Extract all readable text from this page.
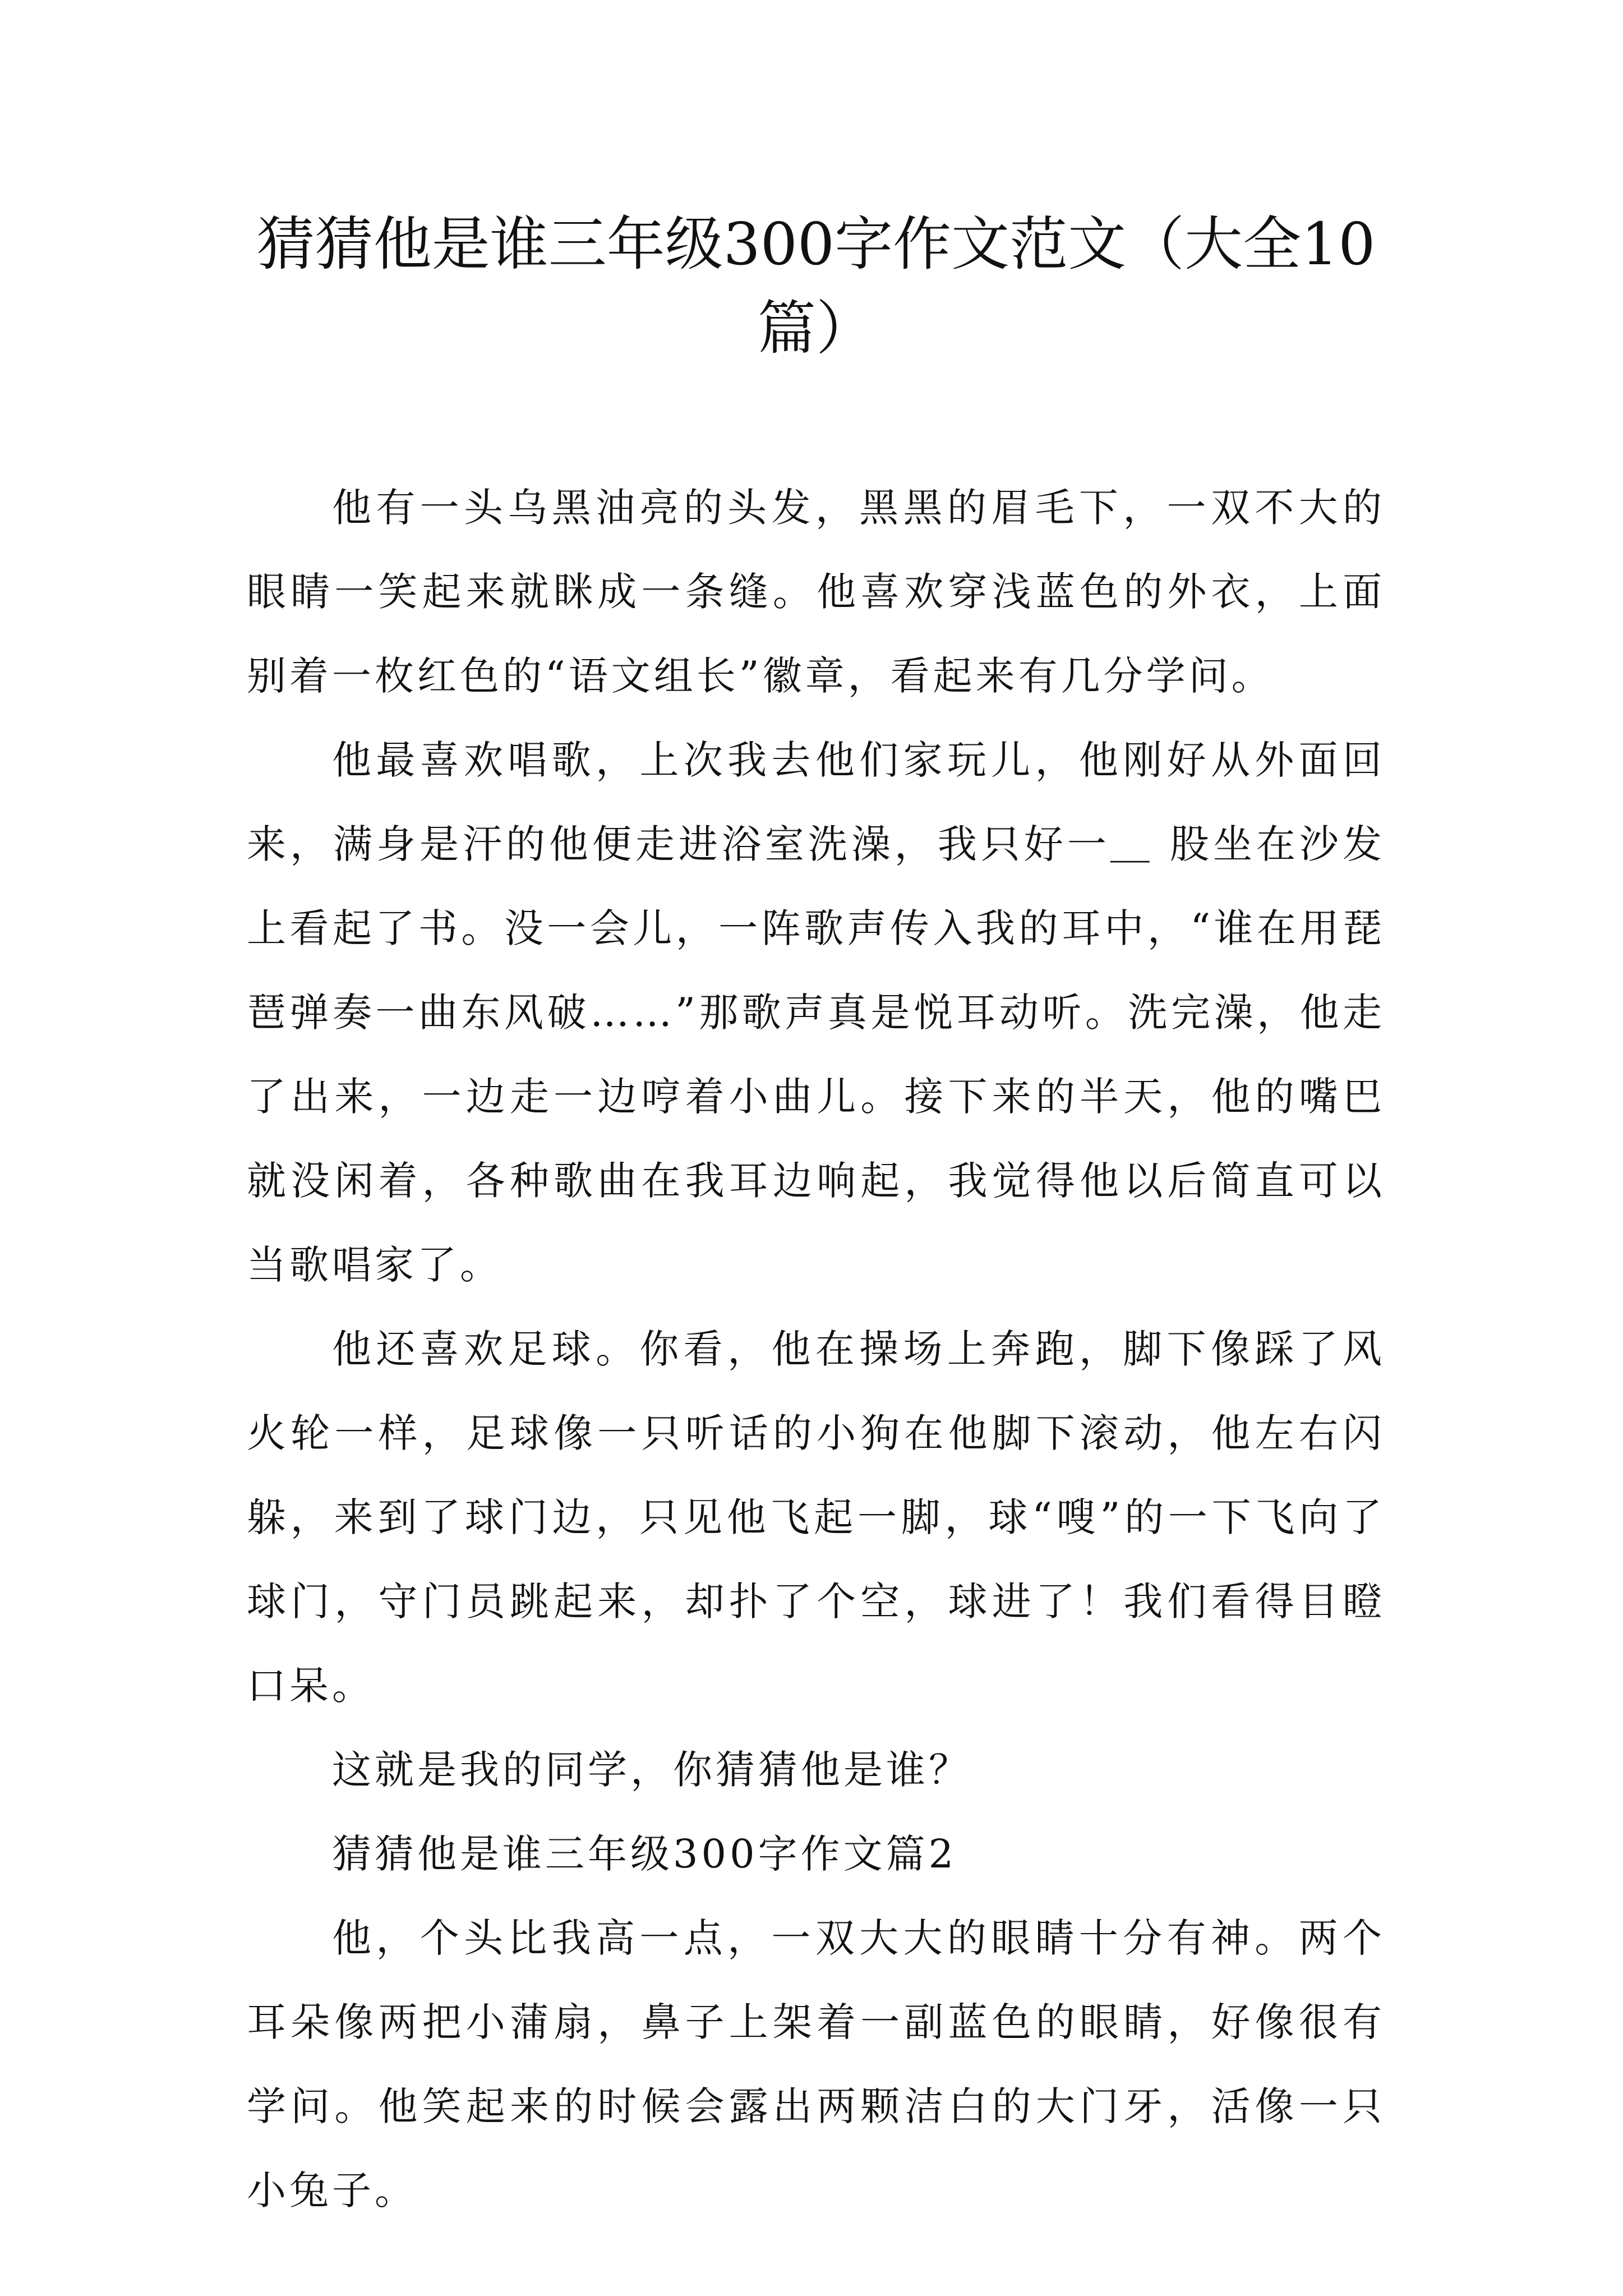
猜猜他是谁三年级300字作文范文（大全10篇）

他有一头乌黑油亮的头发，黑黑的眉毛下，一双不大的眼睛一笑起来就眯成一条缝。他喜欢穿浅蓝色的外衣，上面别着一枚红色的“语文组长”徽章，看起来有几分学问。

他最喜欢唱歌，上次我去他们家玩儿，他刚好从外面回来，满身是汗的他便走进浴室洗澡，我只好一＿ 股坐在沙发上看起了书。没一会儿，一阵歌声传入我的耳中，“谁在用琵琶弹奏一曲东风破……”那歌声真是悦耳动听。洗完澡，他走了出来，一边走一边哼着小曲儿。接下来的半天，他的嘴巴就没闲着，各种歌曲在我耳边响起，我觉得他以后简直可以当歌唱家了。

他还喜欢足球。你看，他在操场上奔跑，脚下像踩了风火轮一样，足球像一只听话的小狗在他脚下滚动，他左右闪躲，来到了球门边，只见他飞起一脚，球“嗖”的一下飞向了球门，守门员跳起来，却扑了个空，球进了！我们看得目瞪口呆。

这就是我的同学，你猜猜他是谁？

猜猜他是谁三年级300字作文篇2

他，个头比我高一点，一双大大的眼睛十分有神。两个耳朵像两把小蒲扇，鼻子上架着一副蓝色的眼睛，好像很有学问。他笑起来的时候会露出两颗洁白的大门牙，活像一只小兔子。
